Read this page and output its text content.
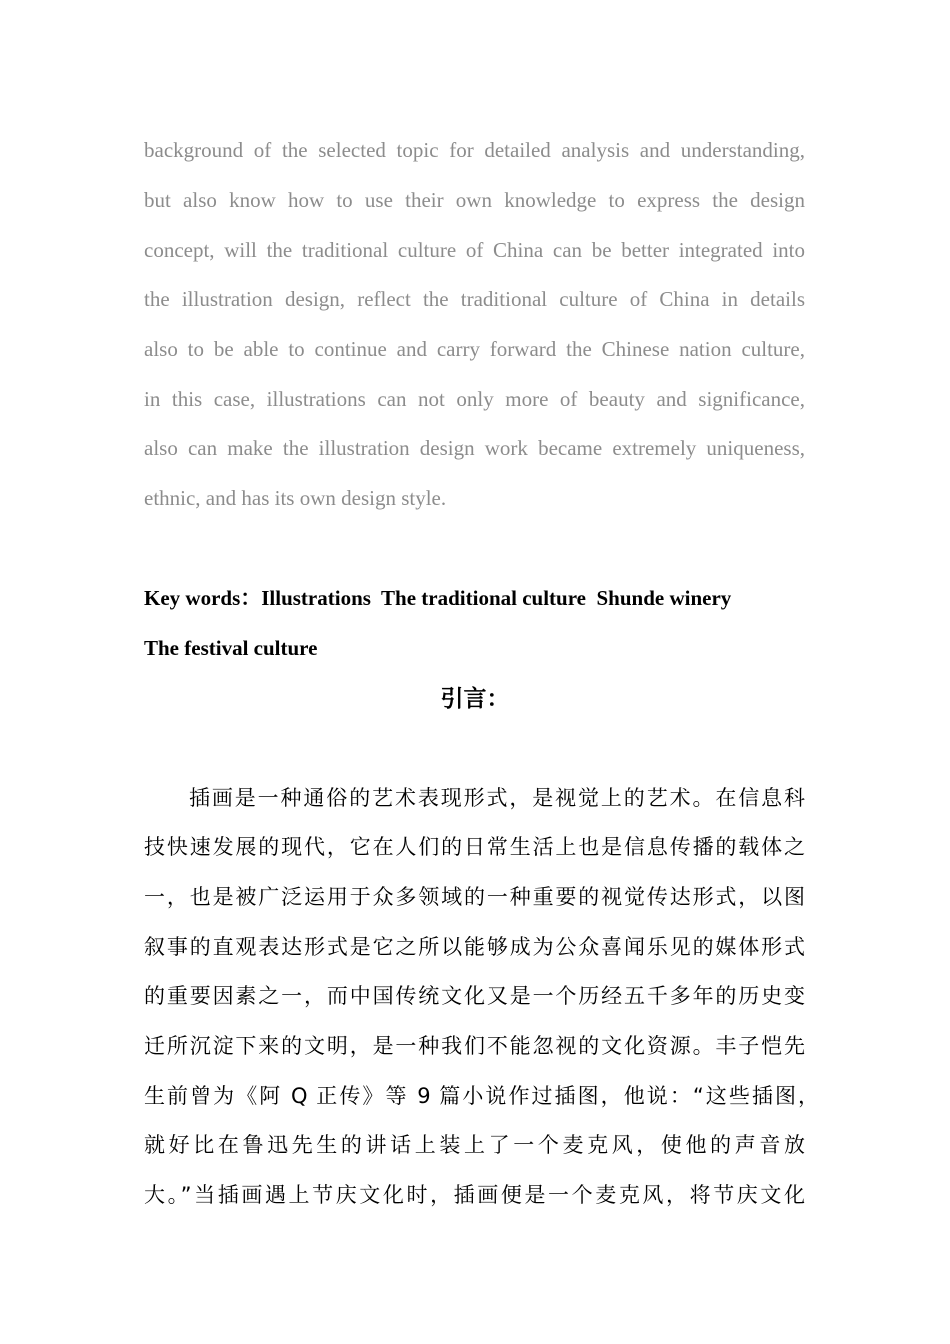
background of the selected topic for detailed analysis and understanding,
but also know how to use their own knowledge to express the design
concept, will the traditional culture of China can be better integrated into
the illustration design, reflect the traditional culture of China in details
also to be able to continue and carry forward the Chinese nation culture,
in this case, illustrations can not only more of beauty and significance,
also can make the illustration design work became extremely uniqueness,
ethnic, and has its own design style.
Key words：Illustrations  The traditional culture  Shunde winery
The festival culture
引言：
插画是一种通俗的艺术表现形式，是视觉上的艺术。在信息科
技快速发展的现代，它在人们的日常生活上也是信息传播的载体之
一，也是被广泛运用于众多领域的一种重要的视觉传达形式，以图
叙事的直观表达形式是它之所以能够成为公众喜闻乐见的媒体形式
的重要因素之一，而中国传统文化又是一个历经五千多年的历史变
迁所沉淀下来的文明，是一种我们不能忽视的文化资源。丰子恺先
生前曾为《阿 Q 正传》等 9 篇小说作过插图，他说：“这些插图，
就好比在鲁迅先生的讲话上装上了一个麦克风，使他的声音放
大。”当插画遇上节庆文化时，插画便是一个麦克风，将节庆文化
